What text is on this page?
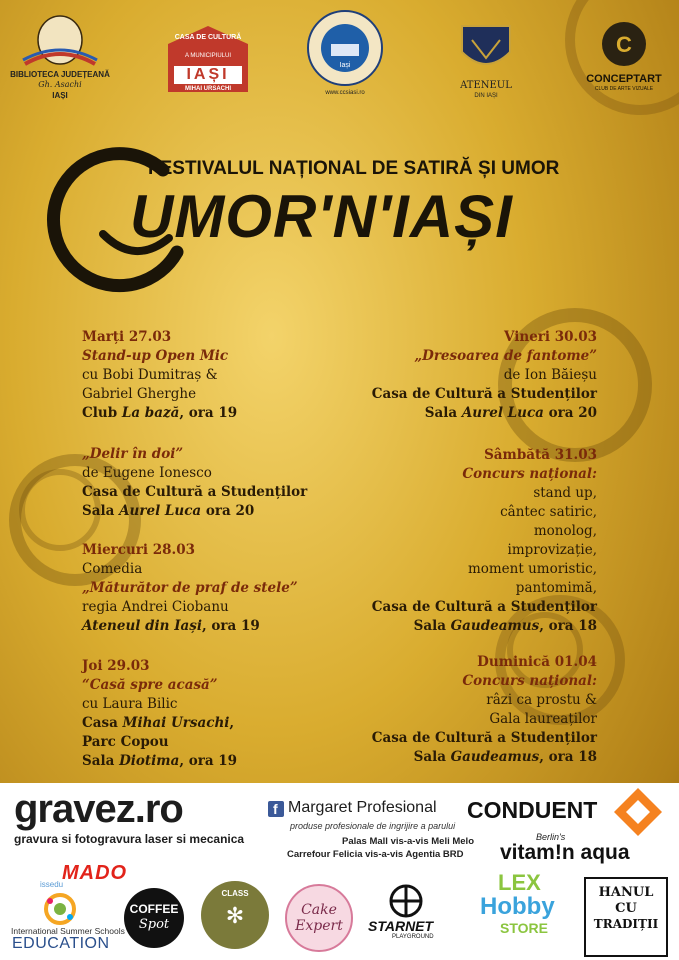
BIBLIOTECA JUDEȚEANĂ
Gh. Asachi
IAȘI
CASA DE CULTURĂ
A MUNICIPIULUI
IAȘI
MIHAI URSACHI
Iași
www.ccsiasi.ro
ATENEUL
DIN IAȘI
C
CONCEPTART
CLUB DE ARTE VIZUALE
FESTIVALUL NAȚIONAL DE SATIRĂ ȘI UMOR
UMOR'N'IAȘI
Marți 27.03
Stand-up Open Mic
cu Bobi Dumitraș &
Gabriel Gherghe
Club La bază, ora 19
„Delir în doi”
de Eugene Ionesco
Casa de Cultură a Studenților
Sala Aurel Luca ora 20
Miercuri 28.03
Comedia
„Măturător de praf de stele”
regia Andrei Ciobanu
Ateneul din Iași, ora 19
Joi 29.03
“Casă spre acasă”
cu Laura Bilic
Casa Mihai Ursachi,
Parc Copou
Sala Diotima, ora 19
Vineri 30.03
„Dresoarea de fantome”
de Ion Băieșu
Casa de Cultură a Studenților
Sala Aurel Luca ora 20
Sâmbătă 31.03
Concurs național:
stand up,
cântec satiric,
monolog,
improvizație,
moment umoristic,
pantomimă,
Casa de Cultură a Studenților
Sala Gaudeamus, ora 18
Duminică 01.04
Concurs național:
râzi ca prostu &
Gala laureaților
Casa de Cultură a Studenților
Sala Gaudeamus, ora 18
gravez.ro
gravura si fotogravura laser si mecanica
f Margaret Profesional
produse profesionale de ingrijire a parului
Palas Mall vis-a-vis Meli Melo
Carrefour Felicia vis-a-vis Agentia BRD
CONDUENT
Berlin's
vitam!n aqua
MADO
issedu
International Summer Schools
EDUCATION
COFFEE
Spot
CLASS
✻	Cake
Expert	STARNET
PLAYGROUND
LEX
Hobby
STORE
HANUL
CU
TRADIȚII
